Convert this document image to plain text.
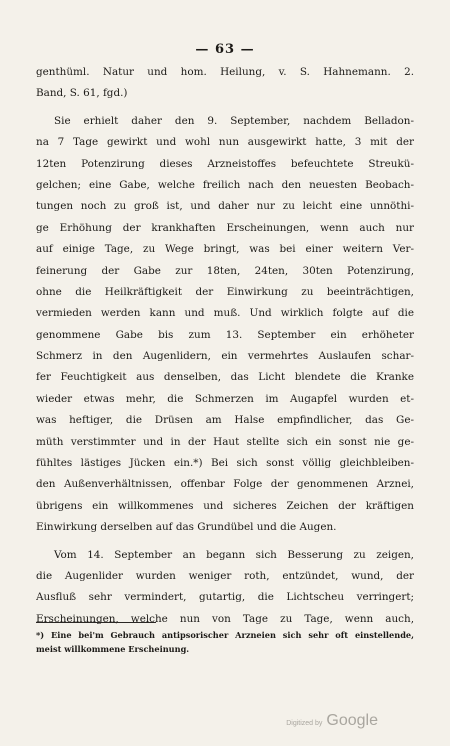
— 63 —
genthüml. Natur und hom. Heilung, v. S. Hahnemann. 2.
Band, S. 61, fgd.)
Sie erhielt daher den 9. September, nachdem Belladon-
na 7 Tage gewirkt und wohl nun ausgewirkt hatte, 3 mit der
12ten Potenzirung dieses Arzneistoffes befeuchtete Streukü-
gelchen; eine Gabe, welche freilich nach den neuesten Beobach-
tungen noch zu groß ist, und daher nur zu leicht eine unnöthi-
ge Erhöhung der krankhaften Erscheinungen, wenn auch nur
auf einige Tage, zu Wege bringt, was bei einer weitern Ver-
feinerung der Gabe zur 18ten, 24ten, 30ten Potenzirung,
ohne die Heilkräftigkeit der Einwirkung zu beeinträchtigen,
vermieden werden kann und muß. Und wirklich folgte auf die
genommene Gabe bis zum 13. September ein erhöheter
Schmerz in den Augenlidern, ein vermehrtes Auslaufen schar-
fer Feuchtigkeit aus denselben, das Licht blendete die Kranke
wieder etwas mehr, die Schmerzen im Augapfel wurden et-
was heftiger, die Drüsen am Halse empfindlicher, das Ge-
müth verstimmter und in der Haut stellte sich ein sonst nie ge-
fühltes lästiges Jücken ein.*) Bei sich sonst völlig gleichbleiben-
den Außenverhältnissen, offenbar Folge der genommenen Arznei,
übrigens ein willkommenes und sicheres Zeichen der kräftigen
Einwirkung derselben auf das Grundübel und die Augen.
Vom 14. September an begann sich Besserung zu zeigen,
die Augenlider wurden weniger roth, entzündet, wund, der
Ausfluß sehr vermindert, gutartig, die Lichtscheu verringert;
Erscheinungen, welche nun von Tage zu Tage, wenn auch,
*) Eine bei'm Gebrauch antipsorischer Arzneien sich sehr oft einstellende,
meist willkommene Erscheinung.
Digitized by Google
